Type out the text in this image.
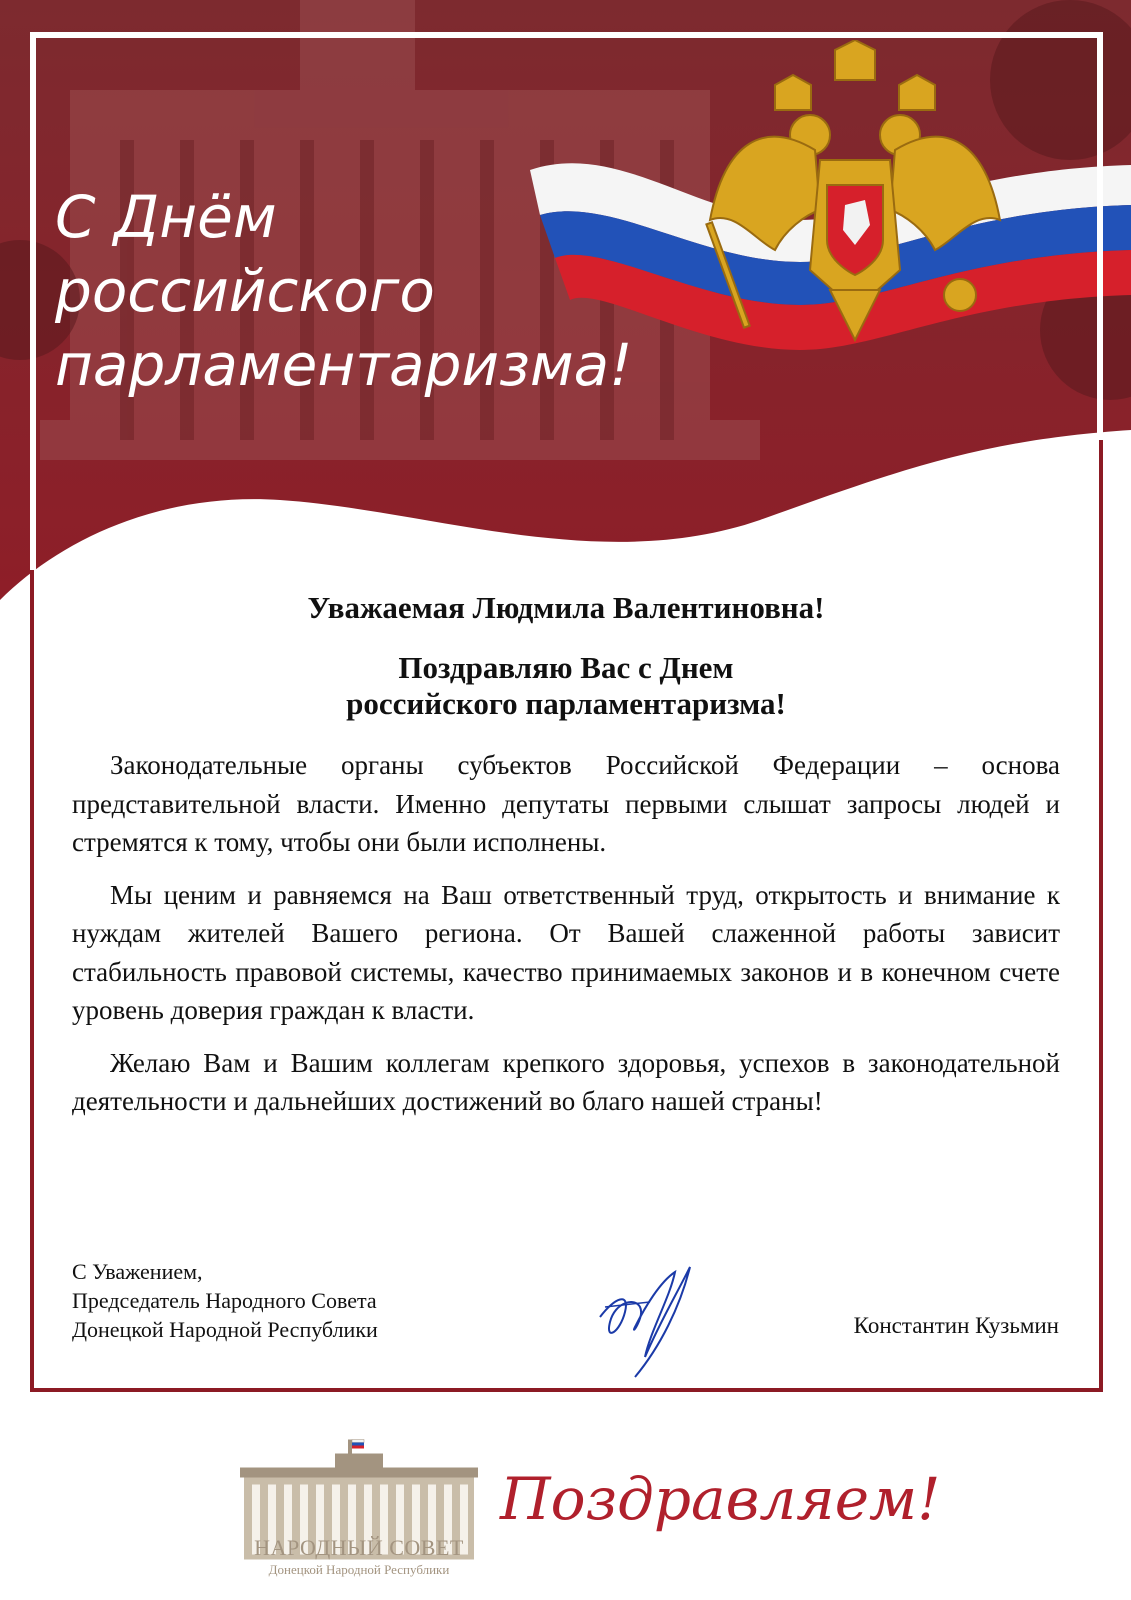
С Днём
российского
парламентаризма!

Уважаемая Людмила Валентиновна!

Поздравляю Вас с Днем
российского парламентаризма!

Законодательные органы субъектов Российской Федерации – основа представительной власти. Именно депутаты первыми слышат запросы людей и стремятся к тому, чтобы они были исполнены.

Мы ценим и равняемся на Ваш ответственный труд, открытость и внимание к нуждам жителей Вашего региона. От Вашей слаженной работы зависит стабильность правовой системы, качество принимаемых законов и в конечном счете уровень доверия граждан к власти.

Желаю Вам и Вашим коллегам крепкого здоровья, успехов в законодательной деятельности и дальнейших достижений во благо нашей страны!

С Уважением,
Председатель Народного Совета
Донецкой Народной Республики	Константин Кузьмин
НАРОДНЫЙ СОВЕТ
Донецкой Народной Республики
Поздравляем!
